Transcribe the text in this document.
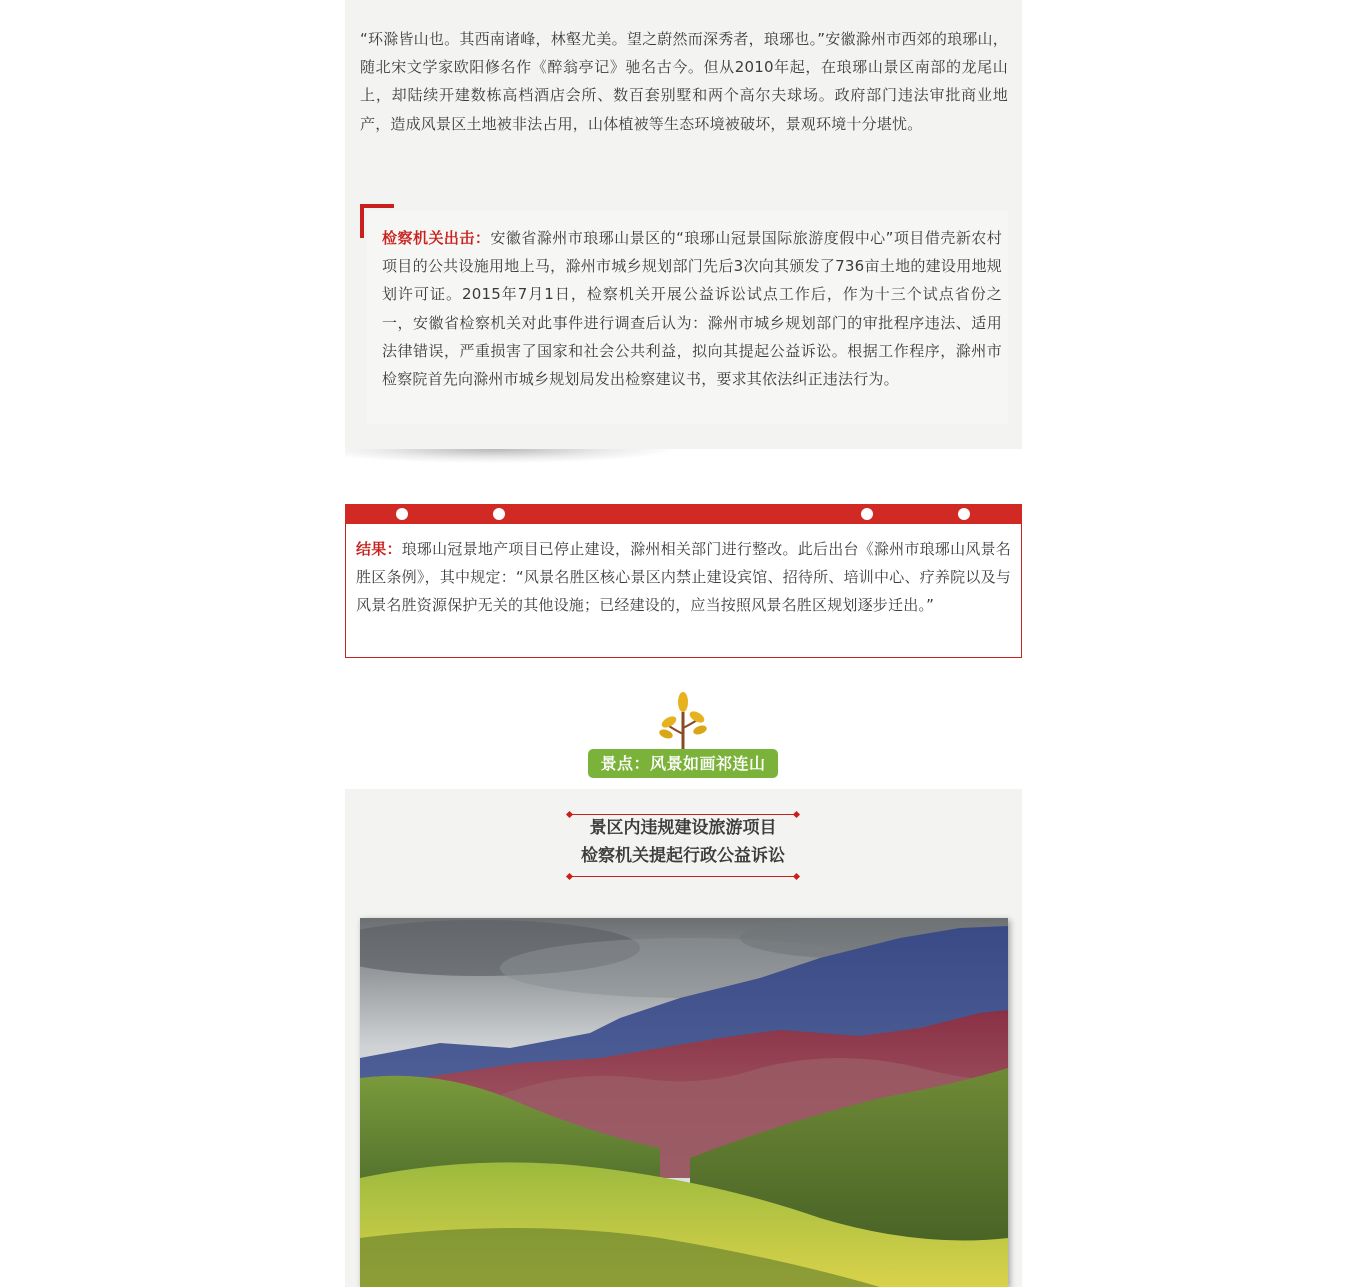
“环滁皆山也。其西南诸峰，林壑尤美。望之蔚然而深秀者，琅琊也。”安徽滁州市西郊的琅琊山，随北宋文学家欧阳修名作《醉翁亭记》驰名古今。但从2010年起，在琅琊山景区南部的龙尾山上，却陆续开建数栋高档酒店会所、数百套别墅和两个高尔夫球场。政府部门违法审批商业地产，造成风景区土地被非法占用，山体植被等生态环境被破坏，景观环境十分堪忧。
检察机关出击：安徽省滁州市琅琊山景区的“琅琊山冠景国际旅游度假中心”项目借壳新农村项目的公共设施用地上马，滁州市城乡规划部门先后3次向其颁发了736亩土地的建设用地规划许可证。2015年7月1日，检察机关开展公益诉讼试点工作后，作为十三个试点省份之一，安徽省检察机关对此事件进行调查后认为：滁州市城乡规划部门的审批程序违法、适用法律错误，严重损害了国家和社会公共利益，拟向其提起公益诉讼。根据工作程序，滁州市检察院首先向滁州市城乡规划局发出检察建议书，要求其依法纠正违法行为。
结果：琅琊山冠景地产项目已停止建设，滁州相关部门进行整改。此后出台《滁州市琅琊山风景名胜区条例》，其中规定：“风景名胜区核心景区内禁止建设宾馆、招待所、培训中心、疗养院以及与风景名胜资源保护无关的其他设施；已经建设的，应当按照风景名胜区规划逐步迁出。”
景点：风景如画祁连山
景区内违规建设旅游项目
检察机关提起行政公益诉讼
